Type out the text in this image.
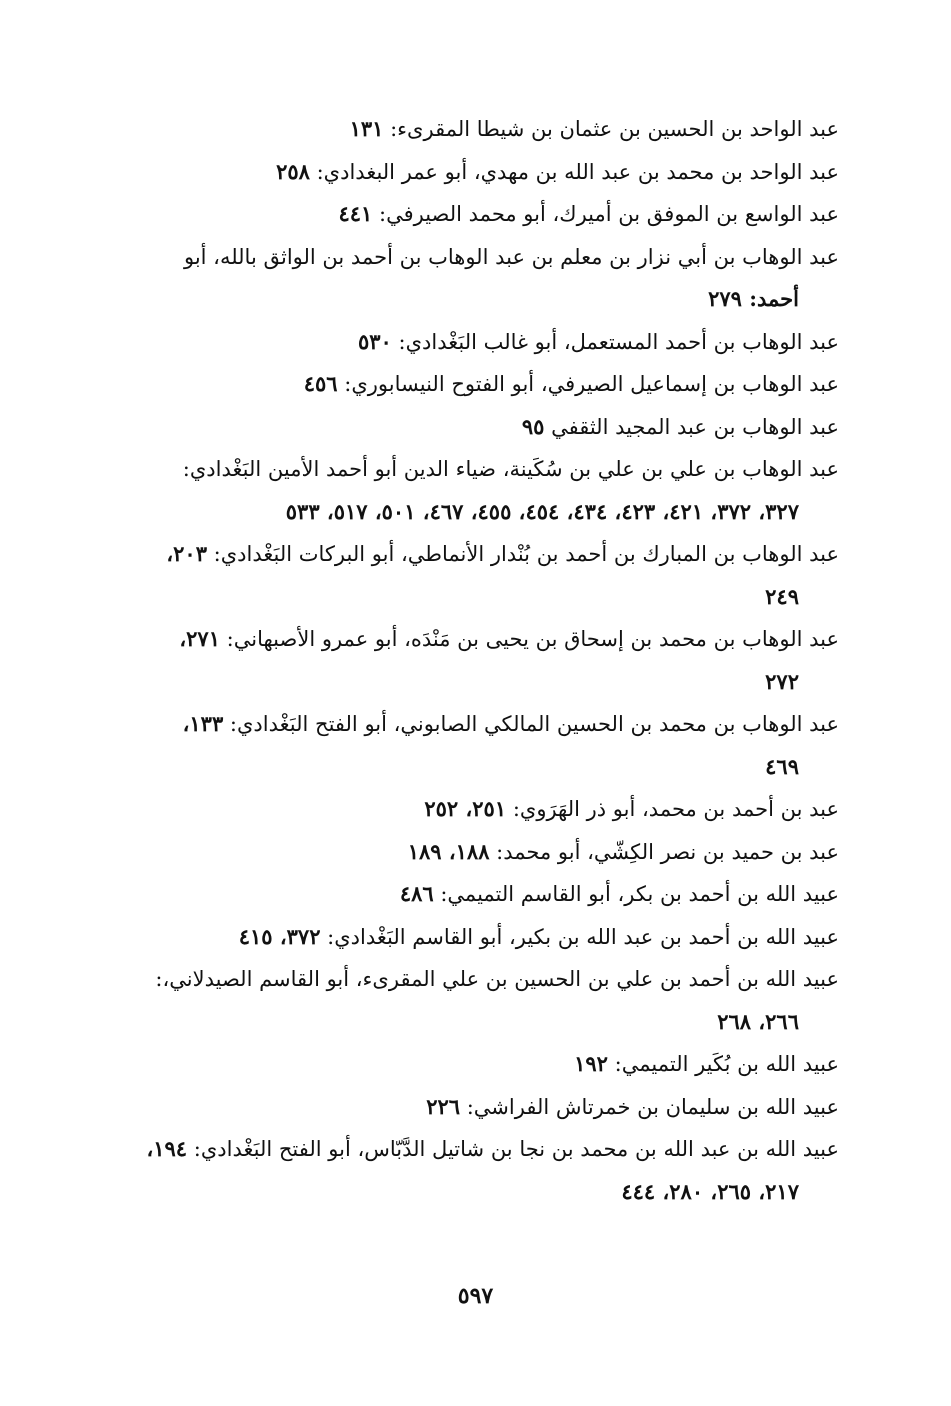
عبد الواحد بن الحسين بن عثمان بن شيطا المقرىء: ١٣١
عبد الواحد بن محمد بن عبد الله بن مهدي، أبو عمر البغدادي: ٢٥٨
عبد الواسع بن الموفق بن أميرك، أبو محمد الصيرفي: ٤٤١
عبد الوهاب بن أبي نزار بن معلم بن عبد الوهاب بن أحمد بن الواثق بالله، أبو
أحمد: ٢٧٩
عبد الوهاب بن أحمد المستعمل، أبو غالب البَغْدادي: ٥٣٠
عبد الوهاب بن إسماعيل الصيرفي، أبو الفتوح النيسابوري: ٤٥٦
عبد الوهاب بن عبد المجيد الثقفي ٩٥
عبد الوهاب بن علي بن علي بن سُكَينة، ضياء الدين أبو أحمد الأمين البَغْدادي:
٣٢٧، ٣٧٢، ٤٢١، ٤٢٣، ٤٣٤، ٤٥٤، ٤٥٥، ٤٦٧، ٥٠١، ٥١٧، ٥٣٣
عبد الوهاب بن المبارك بن أحمد بن بُنْدار الأنماطي، أبو البركات البَغْدادي: ٢٠٣،
٢٤٩
عبد الوهاب بن محمد بن إسحاق بن يحيى بن مَنْدَه، أبو عمرو الأصبهاني: ٢٧١،
٢٧٢
عبد الوهاب بن محمد بن الحسين المالكي الصابوني، أبو الفتح البَغْدادي: ١٣٣،
٤٦٩
عبد بن أحمد بن محمد، أبو ذر الهَرَوي: ٢٥١، ٢٥٢
عبد بن حميد بن نصر الكِشّي، أبو محمد: ١٨٨، ١٨٩
عبيد الله بن أحمد بن بكر، أبو القاسم التميمي: ٤٨٦
عبيد الله بن أحمد بن عبد الله بن بكير، أبو القاسم البَغْدادي: ٣٧٢، ٤١٥
عبيد الله بن أحمد بن علي بن الحسين بن علي المقرىء، أبو القاسم الصيدلاني،:
٢٦٦، ٢٦٨
عبيد الله بن بُكَير التميمي: ١٩٢
عبيد الله بن سليمان بن خمرتاش الفراشي: ٢٢٦
عبيد الله بن عبد الله بن محمد بن نجا بن شاتيل الدَّبّاس، أبو الفتح البَغْدادي: ١٩٤،
٢١٧، ٢٦٥، ٢٨٠، ٤٤٤
٥٩٧
